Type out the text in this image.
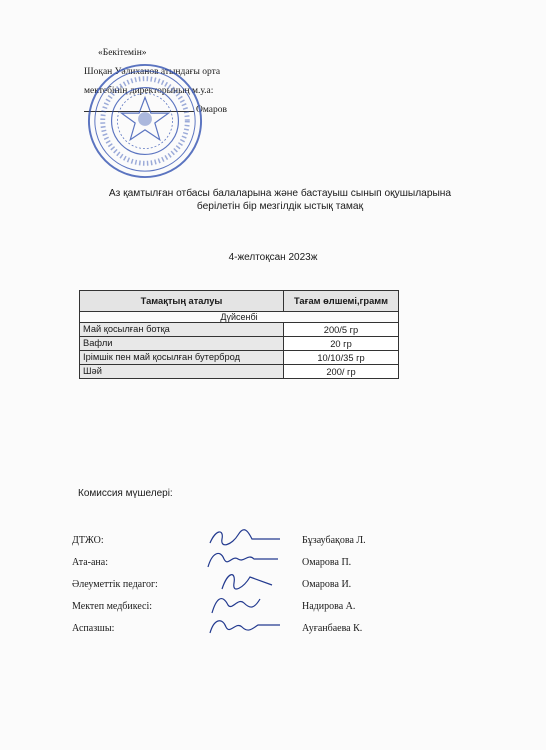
«Бекітемін»
Шоқан Уәлиханов атындағы орта
мектебінің директорының м.у.а:
Омаров
Аз қамтылған отбасы балаларына және бастауыш сынып оқушыларына
берілетін бір мезгілдік ыстық тамақ
4-желтоқсан 2023ж
Тамақтың аталуы	Тағам өлшемі,грамм
Дүйсенбі	
Май қосылған ботқа	200/5 гр
Вафли	20 гр
Ірімшік пен май қосылған бутерброд	10/10/35 гр
Шәй	200/ гр
Комиссия мүшелері:
ДТЖО:	Бұзаубақова Л.
Ата-ана:	Омарова П.
Әлеуметтік педагог:	Омарова И.
Мектеп медбикесі:	Надирова А.
Аспазшы:	Ауғанбаева К.
